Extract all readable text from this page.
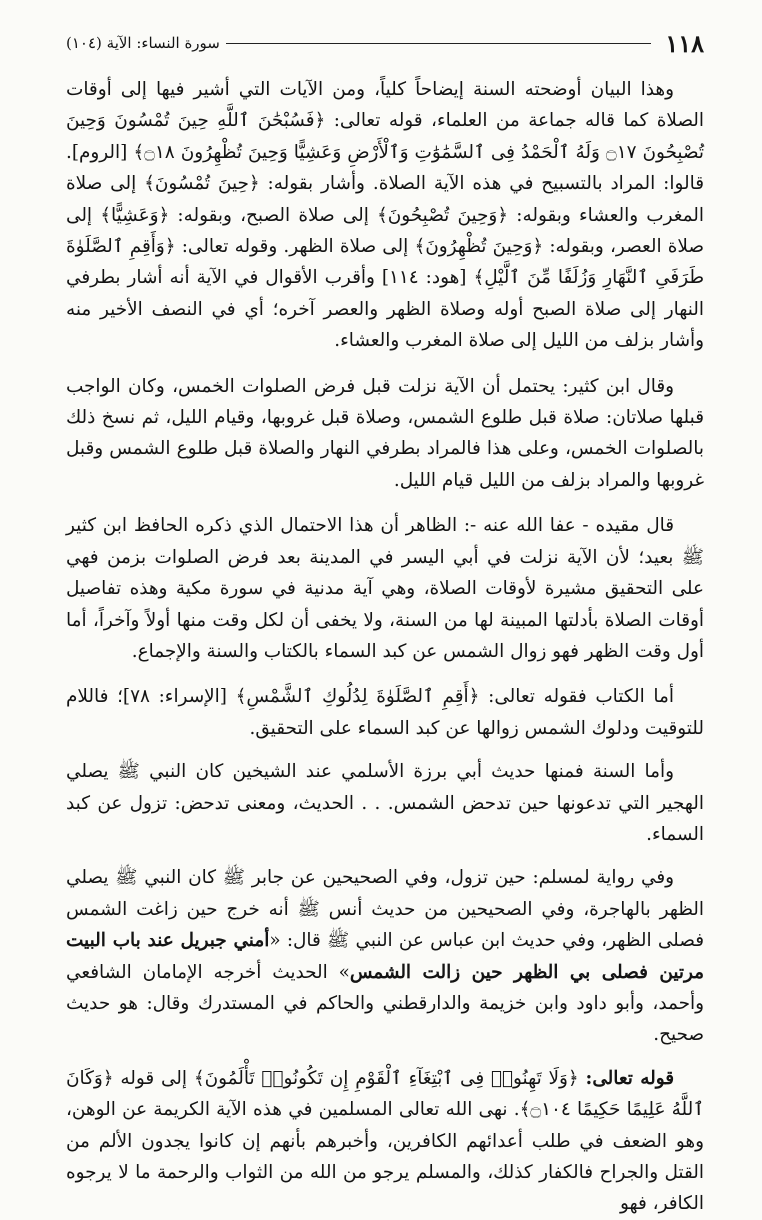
١١٨
سورة النساء: الآية (١٠٤)

وهذا البيان أوضحته السنة إيضاحاً كلياً، ومن الآيات التي أشير فيها إلى أوقات الصلاة كما قاله جماعة من العلماء، قوله تعالى: ﴿فَسُبْحَٰنَ ٱللَّهِ حِينَ تُمْسُونَ وَحِينَ تُصْبِحُونَ ۝١٧ وَلَهُ ٱلْحَمْدُ فِى ٱلسَّمَٰوَٰتِ وَٱلْأَرْضِ وَعَشِيًّا وَحِينَ تُظْهِرُونَ ۝١٨﴾ [الروم]. قالوا: المراد بالتسبيح في هذه الآية الصلاة. وأشار بقوله: ﴿حِينَ تُمْسُونَ﴾ إلى صلاة المغرب والعشاء وبقوله: ﴿وَحِينَ تُصْبِحُونَ﴾ إلى صلاة الصبح، وبقوله: ﴿وَعَشِيًّا﴾ إلى صلاة العصر، وبقوله: ﴿وَحِينَ تُظْهِرُونَ﴾ إلى صلاة الظهر. وقوله تعالى: ﴿وَأَقِمِ ٱلصَّلَوٰةَ طَرَفَىِ ٱلنَّهَارِ وَزُلَفًا مِّنَ ٱلَّيْلِ﴾ [هود: ١١٤] وأقرب الأقوال في الآية أنه أشار بطرفي النهار إلى صلاة الصبح أوله وصلاة الظهر والعصر آخره؛ أي في النصف الأخير منه وأشار بزلف من الليل إلى صلاة المغرب والعشاء.

وقال ابن كثير: يحتمل أن الآية نزلت قبل فرض الصلوات الخمس، وكان الواجب قبلها صلاتان: صلاة قبل طلوع الشمس، وصلاة قبل غروبها، وقيام الليل، ثم نسخ ذلك بالصلوات الخمس، وعلى هذا فالمراد بطرفي النهار والصلاة قبل طلوع الشمس وقبل غروبها والمراد بزلف من الليل قيام الليل.

قال مقيده - عفا الله عنه -: الظاهر أن هذا الاحتمال الذي ذكره الحافظ ابن كثير ﷺ بعيد؛ لأن الآية نزلت في أبي اليسر في المدينة بعد فرض الصلوات بزمن فهي على التحقيق مشيرة لأوقات الصلاة، وهي آية مدنية في سورة مكية وهذه تفاصيل أوقات الصلاة بأدلتها المبينة لها من السنة، ولا يخفى أن لكل وقت منها أولاً وآخراً، أما أول وقت الظهر فهو زوال الشمس عن كبد السماء بالكتاب والسنة والإجماع.

أما الكتاب فقوله تعالى: ﴿أَقِمِ ٱلصَّلَوٰةَ لِدُلُوكِ ٱلشَّمْسِ﴾ [الإسراء: ٧٨]؛ فاللام للتوقيت ودلوك الشمس زوالها عن كبد السماء على التحقيق.

وأما السنة فمنها حديث أبي برزة الأسلمي عند الشيخين كان النبي ﷺ يصلي الهجير التي تدعونها حين تدحض الشمس. . . الحديث، ومعنى تدحض: تزول عن كبد السماء.

وفي رواية لمسلم: حين تزول، وفي الصحيحين عن جابر ﷺ كان النبي ﷺ يصلي الظهر بالهاجرة، وفي الصحيحين من حديث أنس ﷺ أنه خرج حين زاغت الشمس فصلى الظهر، وفي حديث ابن عباس عن النبي ﷺ قال: «أمني جبريل عند باب البيت مرتين فصلى بي الظهر حين زالت الشمس» الحديث أخرجه الإمامان الشافعي وأحمد، وأبو داود وابن خزيمة والدارقطني والحاكم في المستدرك وقال: هو حديث صحيح.

قوله تعالى: ﴿وَلَا تَهِنُوا۟ فِى ٱبْتِغَآءِ ٱلْقَوْمِ إِن تَكُونُوا۟ تَأْلَمُونَ﴾ إلى قوله ﴿وَكَانَ ٱللَّهُ عَلِيمًا حَكِيمًا ۝١٠٤﴾. نهى الله تعالى المسلمين في هذه الآية الكريمة عن الوهن، وهو الضعف في طلب أعدائهم الكافرين، وأخبرهم بأنهم إن كانوا يجدون الألم من القتل والجراح فالكفار كذلك، والمسلم يرجو من الله من الثواب والرحمة ما لا يرجوه الكافر، فهو
